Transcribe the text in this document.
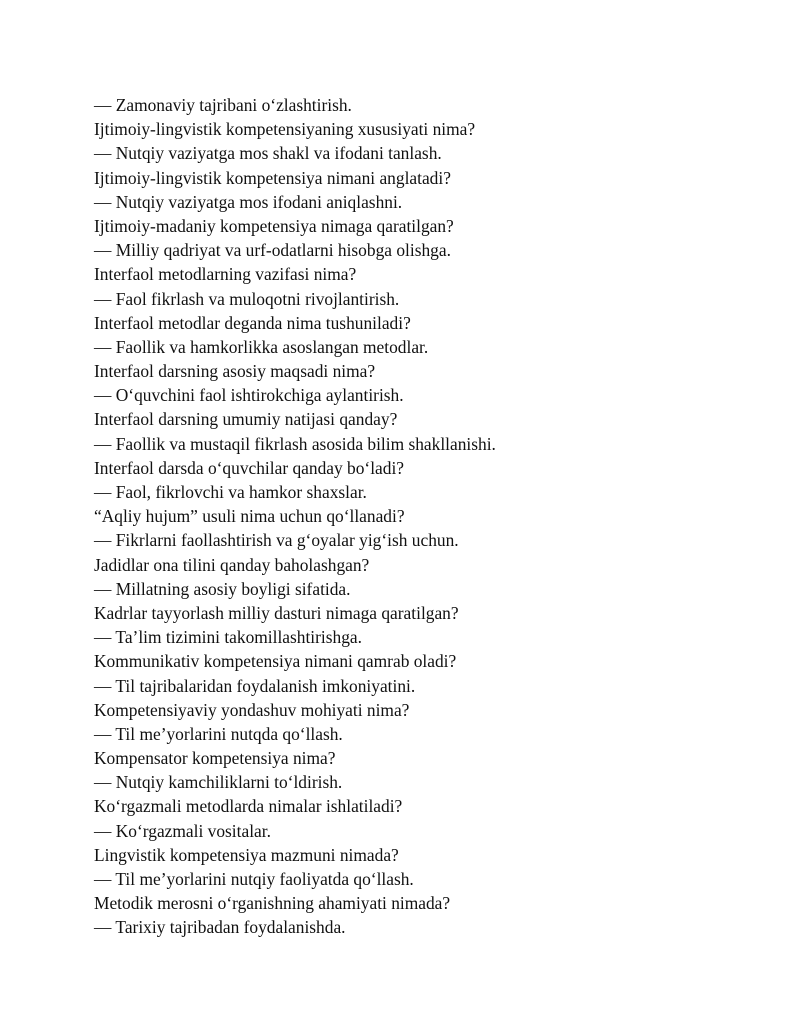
— Zamonaviy tajribani oʻzlashtirish.
Ijtimoiy-lingvistik kompetensiyaning xususiyati nima?
— Nutqiy vaziyatga mos shakl va ifodani tanlash.
Ijtimoiy-lingvistik kompetensiya nimani anglatadi?
— Nutqiy vaziyatga mos ifodani aniqlashni.
Ijtimoiy-madaniy kompetensiya nimaga qaratilgan?
— Milliy qadriyat va urf-odatlarni hisobga olishga.
Interfaol metodlarning vazifasi nima?
— Faol fikrlash va muloqotni rivojlantirish.
Interfaol metodlar deganda nima tushuniladi?
— Faollik va hamkorlikka asoslangan metodlar.
Interfaol darsning asosiy maqsadi nima?
— Oʻquvchini faol ishtirokchiga aylantirish.
Interfaol darsning umumiy natijasi qanday?
— Faollik va mustaqil fikrlash asosida bilim shakllanishi.
Interfaol darsda oʻquvchilar qanday boʻladi?
— Faol, fikrlovchi va hamkor shaxslar.
“Aqliy hujum” usuli nima uchun qoʻllanadi?
— Fikrlarni faollashtirish va gʻoyalar yigʻish uchun.
Jadidlar ona tilini qanday baholashgan?
— Millatning asosiy boyligi sifatida.
Kadrlar tayyorlash milliy dasturi nimaga qaratilgan?
— Taʼlim tizimini takomillashtirishga.
Kommunikativ kompetensiya nimani qamrab oladi?
— Til tajribalaridan foydalanish imkoniyatini.
Kompetensiyaviy yondashuv mohiyati nima?
— Til meʼyorlarini nutqda qoʻllash.
Kompensator kompetensiya nima?
— Nutqiy kamchiliklarni toʻldirish.
Koʻrgazmali metodlarda nimalar ishlatiladi?
— Koʻrgazmali vositalar.
Lingvistik kompetensiya mazmuni nimada?
— Til meʼyorlarini nutqiy faoliyatda qoʻllash.
Metodik merosni oʻrganishning ahamiyati nimada?
— Tarixiy tajribadan foydalanishda.
